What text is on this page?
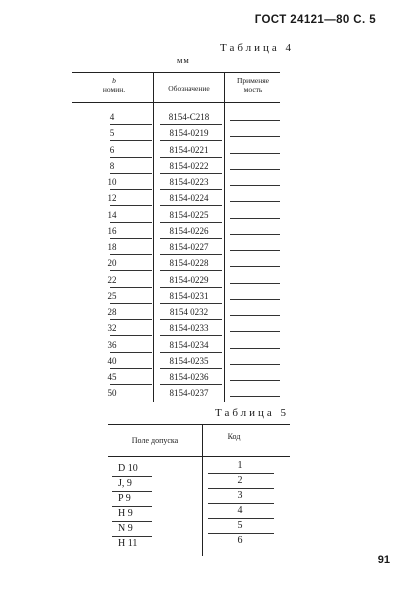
ГОСТ 24121—80 С. 5
Таблица 4
мм
b
номин.	Обозначение
Применяе
мость
4	8154-C218
5	8154-0219
6	8154-0221
8	8154-0222
10	8154-0223
12	8154-0224
14	8154-0225
16	8154-0226
18	8154-0227
20	8154-0228
22	8154-0229
25	8154-0231
28	8154 0232
32	8154-0233
36	8154-0234
40	8154-0235
45	8154-0236
50	8154-0237
Таблица 5
Поле допуска	Код
D 10	1
J, 9	2
P 9	3
H 9	4
N 9	5
H 11	6
91
